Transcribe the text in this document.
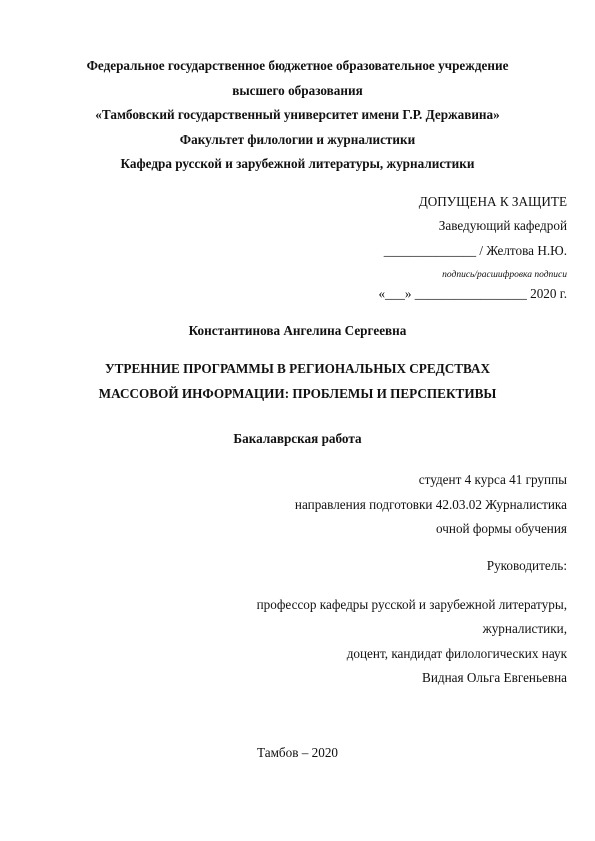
Федеральное государственное бюджетное образовательное учреждение
высшего образования
«Тамбовский государственный университет имени Г.Р. Державина»
Факультет филологии и журналистики
Кафедра русской и зарубежной литературы, журналистики
ДОПУЩЕНА К ЗАЩИТЕ
Заведующий кафедрой
______________ / Желтова Н.Ю.
подпись/расшифровка подписи
«___» _________________ 2020 г.
Константинова Ангелина Сергеевна
УТРЕННИЕ ПРОГРАММЫ В РЕГИОНАЛЬНЫХ СРЕДСТВАХ
МАССОВОЙ ИНФОРМАЦИИ: ПРОБЛЕМЫ И ПЕРСПЕКТИВЫ
Бакалаврская работа
студент 4 курса 41 группы
направления подготовки 42.03.02 Журналистика
очной формы обучения
Руководитель:
профессор кафедры русской и зарубежной литературы,
журналистики,
доцент, кандидат филологических наук
Видная Ольга Евгеньевна
Тамбов – 2020
